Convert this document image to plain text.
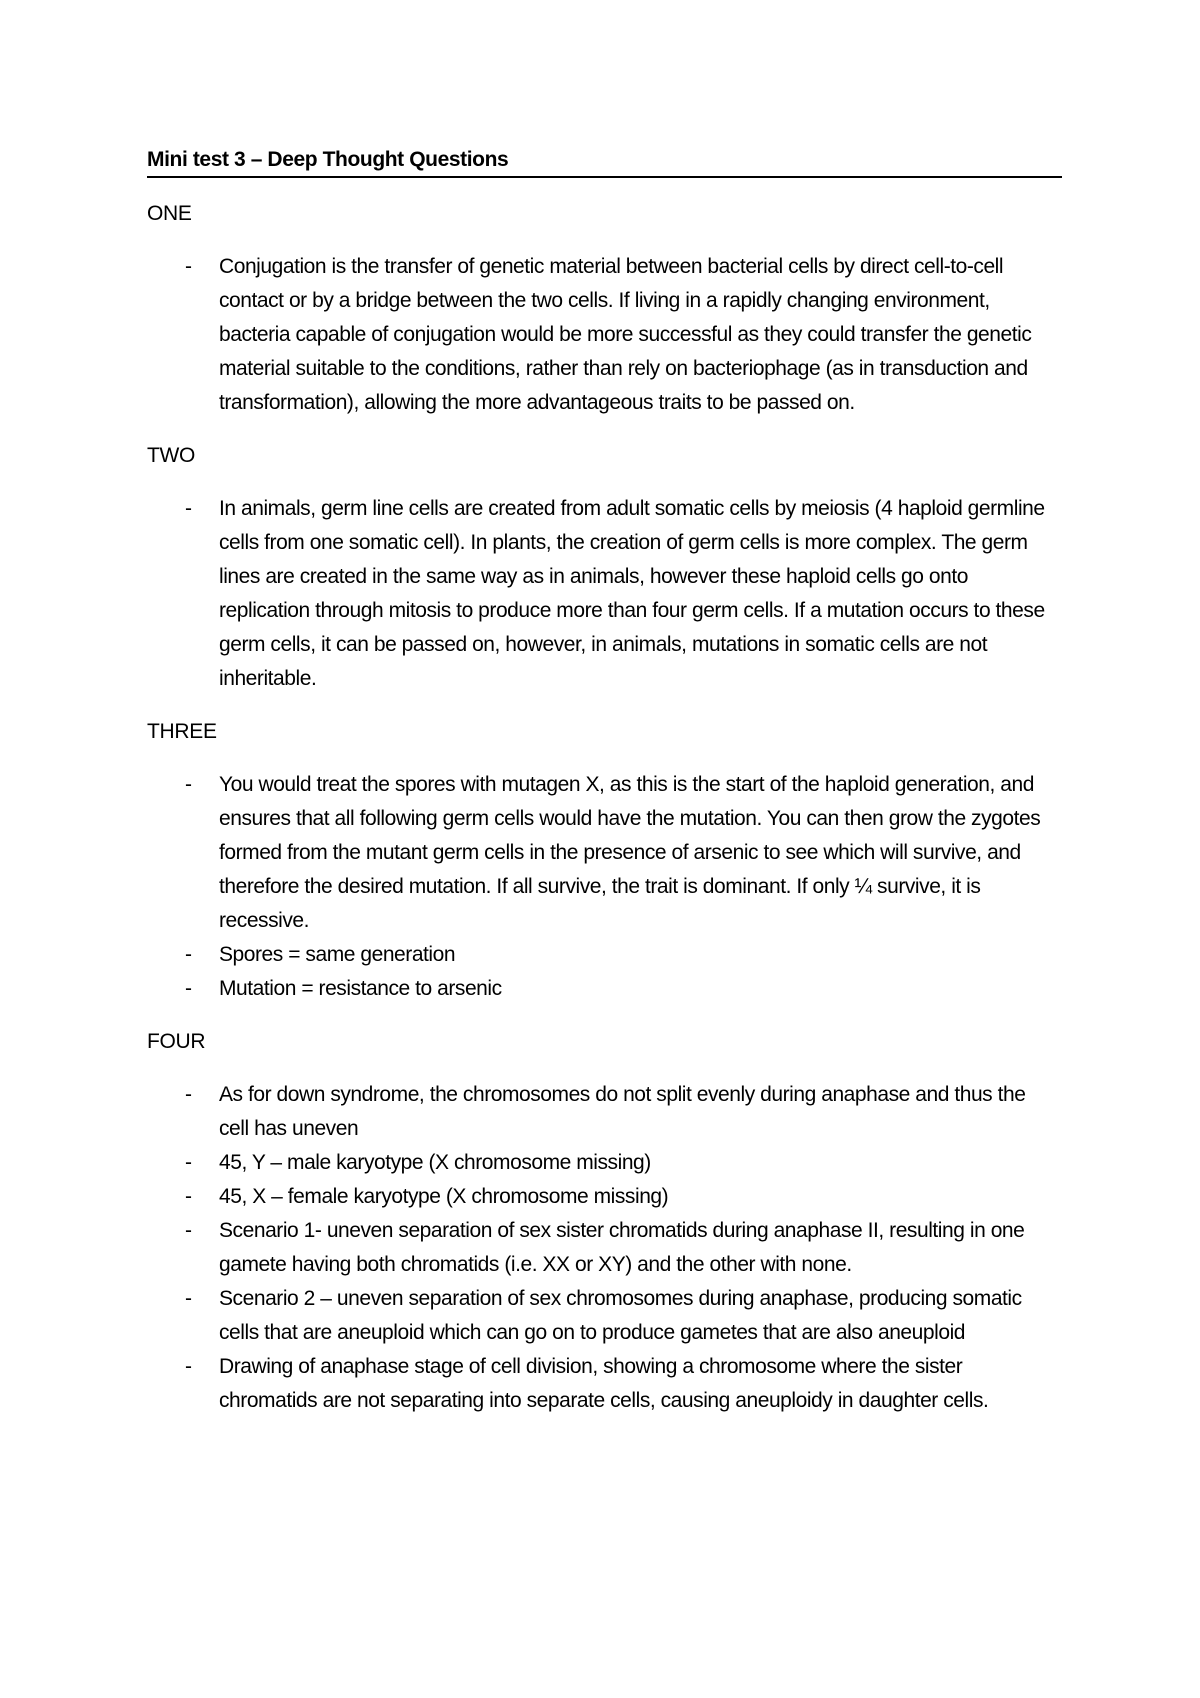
Mini test 3 – Deep Thought Questions

ONE

- Conjugation is the transfer of genetic material between bacterial cells by direct cell-to-cell contact or by a bridge between the two cells. If living in a rapidly changing environment, bacteria capable of conjugation would be more successful as they could transfer the genetic material suitable to the conditions, rather than rely on bacteriophage (as in transduction and transformation), allowing the more advantageous traits to be passed on.

TWO

- In animals, germ line cells are created from adult somatic cells by meiosis (4 haploid germline cells from one somatic cell). In plants, the creation of germ cells is more complex. The germ lines are created in the same way as in animals, however these haploid cells go onto replication through mitosis to produce more than four germ cells. If a mutation occurs to these germ cells, it can be passed on, however, in animals, mutations in somatic cells are not inheritable.

THREE

- You would treat the spores with mutagen X, as this is the start of the haploid generation, and ensures that all following germ cells would have the mutation. You can then grow the zygotes formed from the mutant germ cells in the presence of arsenic to see which will survive, and therefore the desired mutation. If all survive, the trait is dominant. If only ¼ survive, it is recessive.
- Spores = same generation
- Mutation = resistance to arsenic

FOUR

- As for down syndrome, the chromosomes do not split evenly during anaphase and thus the cell has uneven
- 45, Y – male karyotype (X chromosome missing)
- 45, X – female karyotype (X chromosome missing)
- Scenario 1- uneven separation of sex sister chromatids during anaphase II, resulting in one gamete having both chromatids (i.e. XX or XY) and the other with none.
- Scenario 2 – uneven separation of sex chromosomes during anaphase, producing somatic cells that are aneuploid which can go on to produce gametes that are also aneuploid
- Drawing of anaphase stage of cell division, showing a chromosome where the sister chromatids are not separating into separate cells, causing aneuploidy in daughter cells.
